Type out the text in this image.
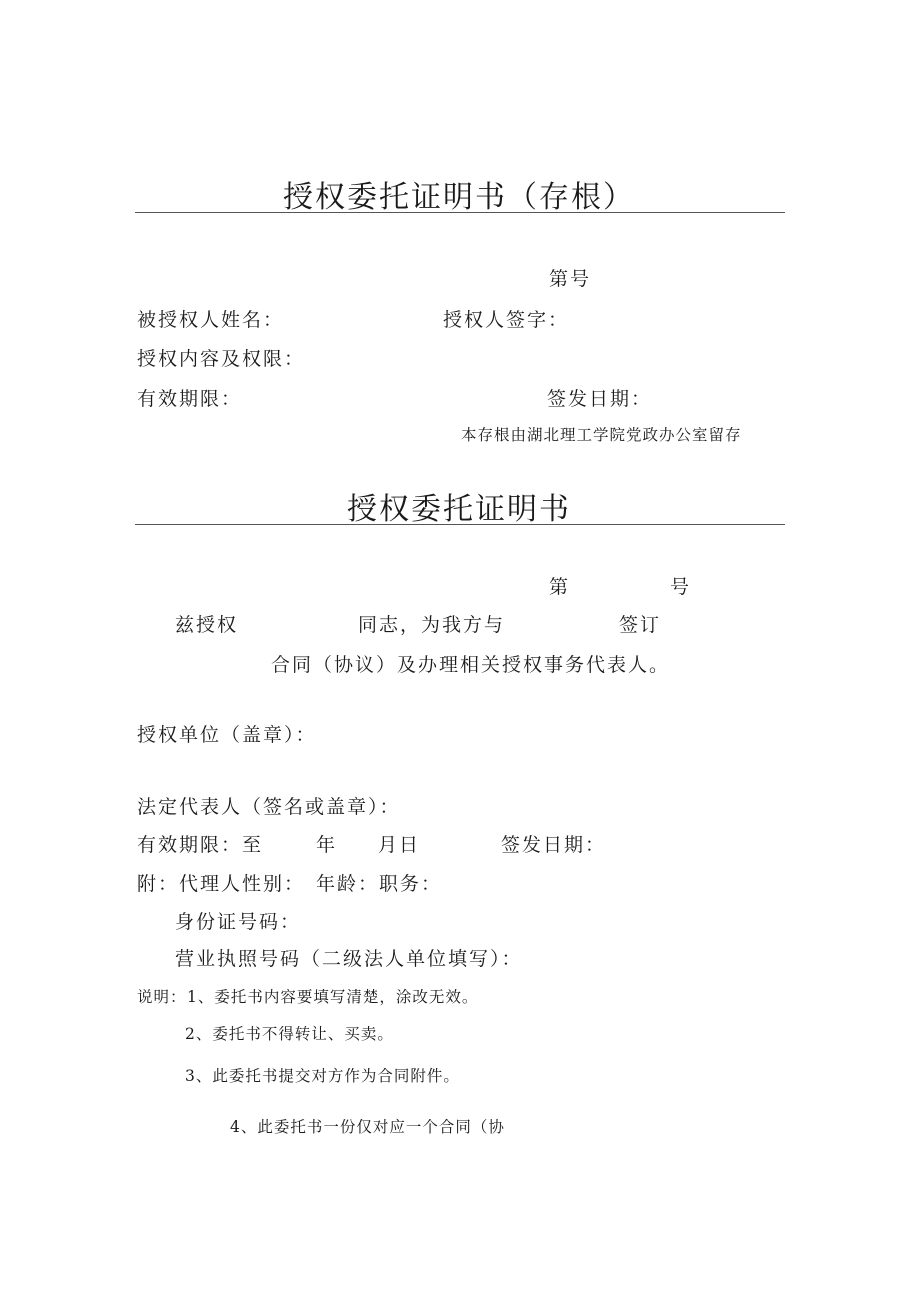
授权委托证明书（存根）
第号
被授权人姓名：	授权人签字：
授权内容及权限：
有效期限：	签发日期：
本存根由湖北理工学院党政办公室留存
授权委托证明书
第	号
兹授权	同志，为我方与	签订
合同（协议）及办理相关授权事务代表人。
授权单位（盖章）：
法定代表人（签名或盖章）：
有效期限：至	年 月日	签发日期：
附：代理人性别： 年龄：职务：
身份证号码：
营业执照号码（二级法人单位填写）：
说明： 1、委托书内容要填写清楚，涂改无效。
2、委托书不得转让、买卖。
3、此委托书提交对方作为合同附件。
4、此委托书一份仅对应一个合同（协
